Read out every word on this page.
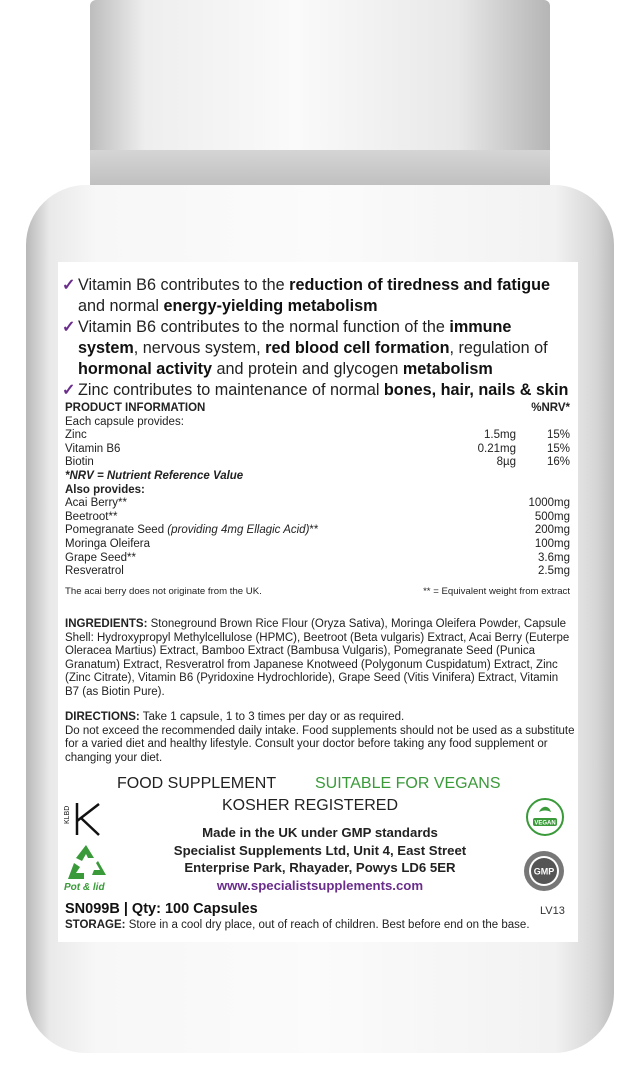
✓ Vitamin B6 contributes to the reduction of tiredness and fatigue and normal energy-yielding metabolism
✓ Vitamin B6 contributes to the normal function of the immune system, nervous system, red blood cell formation, regulation of hormonal activity and protein and glycogen metabolism
✓ Zinc contributes to maintenance of normal bones, hair, nails & skin
PRODUCT INFORMATION	%NRV*
Each capsule provides:
Zinc	1.5mg	15%
Vitamin B6	0.21mg	15%
Biotin	8µg	16%
*NRV = Nutrient Reference Value
Also provides:
Acai Berry**	1000mg
Beetroot**	500mg
Pomegranate Seed (providing 4mg Ellagic Acid)**	200mg
Moringa Oleifera	100mg
Grape Seed**	3.6mg
Resveratrol	2.5mg
The acai berry does not originate from the UK.	** = Equivalent weight from extract
INGREDIENTS: Stoneground Brown Rice Flour (Oryza Sativa), Moringa Oleifera Powder, Capsule Shell: Hydroxypropyl Methylcellulose (HPMC), Beetroot (Beta vulgaris) Extract, Acai Berry (Euterpe Oleracea Martius) Extract, Bamboo Extract (Bambusa Vulgaris), Pomegranate Seed (Punica Granatum) Extract, Resveratrol from Japanese Knotweed (Polygonum Cuspidatum) Extract, Zinc (Zinc Citrate), Vitamin B6 (Pyridoxine Hydrochloride), Grape Seed (Vitis Vinifera) Extract, Vitamin B7 (as Biotin Pure).
DIRECTIONS: Take 1 capsule, 1 to 3 times per day or as required.
Do not exceed the recommended daily intake. Food supplements should not be used as a substitute for a varied diet and healthy lifestyle. Consult your doctor before taking any food supplement or changing your diet.
FOOD SUPPLEMENT SUITABLE FOR VEGANS
KOSHER REGISTERED
KLBD
Pot & lid
Made in the UK under GMP standards
Specialist Supplements Ltd, Unit 4, East Street
Enterprise Park, Rhayader, Powys LD6 5ER
www.specialistsupplements.com
VEGAN
GMP
SN099B | Qty: 100 Capsules	LV13
STORAGE: Store in a cool dry place, out of reach of children. Best before end on the base.
